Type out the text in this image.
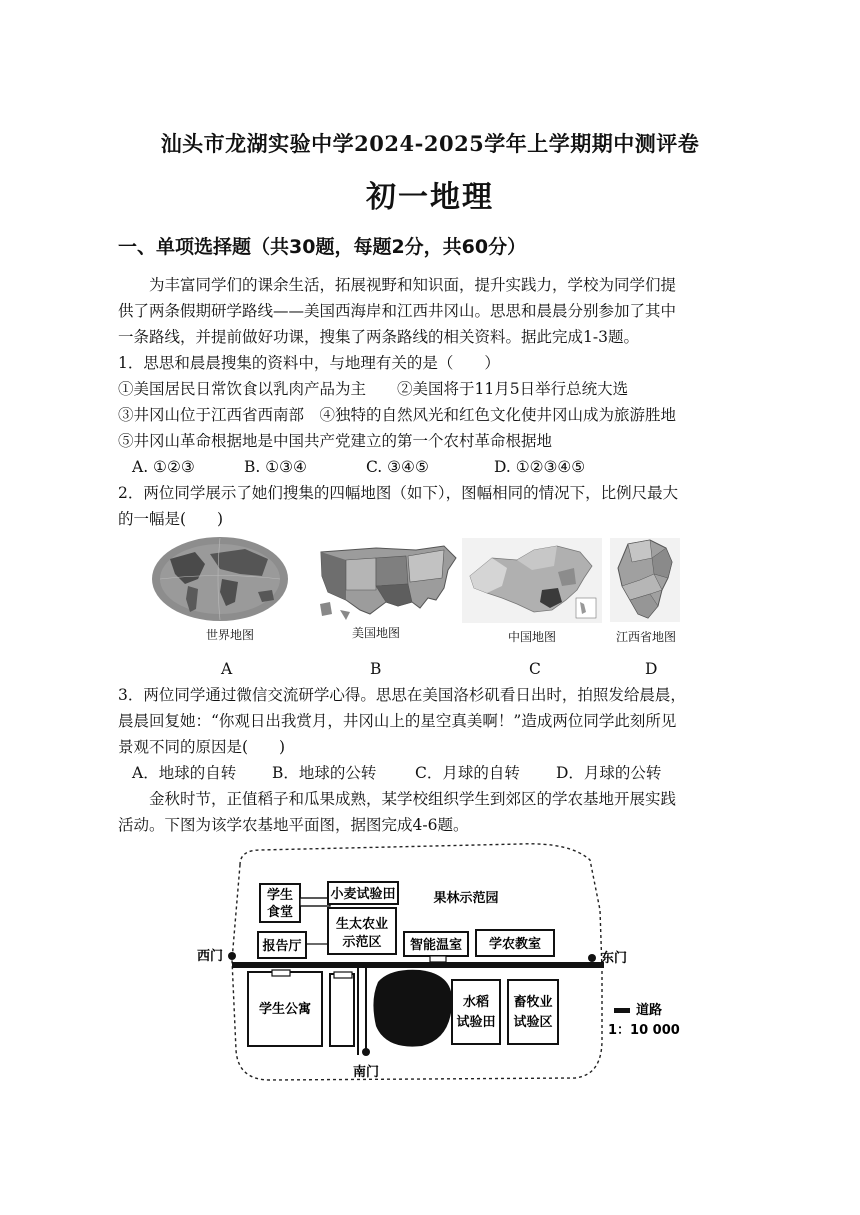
汕头市龙湖实验中学2024-2025学年上学期期中测评卷
初一地理
一、单项选择题（共30题，每题2分，共60分）
为丰富同学们的课余生活，拓展视野和知识面，提升实践力，学校为同学们提
供了两条假期研学路线——美国西海岸和江西井冈山。思思和晨晨分别参加了其中
一条路线，并提前做好功课，搜集了两条路线的相关资料。据此完成1-3题。
1．思思和晨晨搜集的资料中，与地理有关的是（　　）
①美国居民日常饮食以乳肉产品为主　　②美国将于11月5日举行总统大选
③井冈山位于江西省西南部　④独特的自然风光和红色文化使井冈山成为旅游胜地
⑤井冈山革命根据地是中国共产党建立的第一个农村革命根据地
A. ①②③	B. ①③④	C. ③④⑤	D. ①②③④⑤
2．两位同学展示了她们搜集的四幅地图（如下），图幅相同的情况下，比例尺最大
的一幅是(　　)
世界地图	美国地图	中国地图	江西省地图
A	B	C	D
3．两位同学通过微信交流研学心得。思思在美国洛杉矶看日出时，拍照发给晨晨，
晨晨回复她：“你观日出我赏月，井冈山上的星空真美啊！”造成两位同学此刻所见
景观不同的原因是(　　)
A．地球的自转 B．地球的公转 C．月球的自转 D．月球的公转
金秋时节，正值稻子和瓜果成熟，某学校组织学生到郊区的学农基地开展实践
活动。下图为该学农基地平面图，据图完成4-6题。
学生
食堂
小麦试验田	果林示范园
生太农业
示范区
报告厅	智能温室 学农教室
西门	东门
学生公寓	水稻
试验田
畜牧业
试验区
南门
道路
1：10 000
